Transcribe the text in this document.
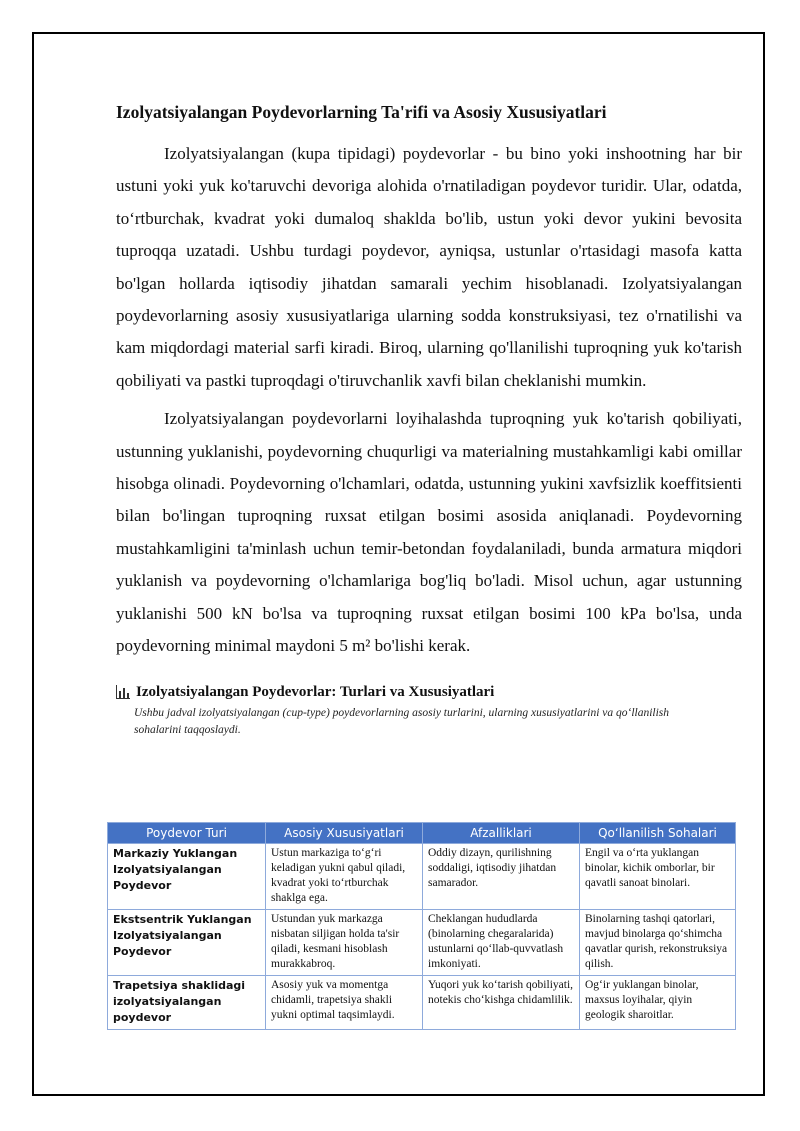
Izolyatsiyalangan Poydevorlarning Ta'rifi va Asosiy Xususiyatlari

Izolyatsiyalangan (kupa tipidagi) poydevorlar - bu bino yoki inshootning har bir ustuni yoki yuk ko'taruvchi devoriga alohida o'rnatiladigan poydevor turidir. Ular, odatda, to‘rtburchak, kvadrat yoki dumaloq shaklda bo'lib, ustun yoki devor yukini bevosita tuproqqa uzatadi. Ushbu turdagi poydevor, ayniqsa, ustunlar o'rtasidagi masofa katta bo'lgan hollarda iqtisodiy jihatdan samarali yechim hisoblanadi. Izolyatsiyalangan poydevorlarning asosiy xususiyatlariga ularning sodda konstruksiyasi, tez o'rnatilishi va kam miqdordagi material sarfi kiradi. Biroq, ularning qo'llanilishi tuproqning yuk ko'tarish qobiliyati va pastki tuproqdagi o'tiruvchanlik xavfi bilan cheklanishi mumkin.

Izolyatsiyalangan poydevorlarni loyihalashda tuproqning yuk ko'tarish qobiliyati, ustunning yuklanishi, poydevorning chuqurligi va materialning mustahkamligi kabi omillar hisobga olinadi. Poydevorning o'lchamlari, odatda, ustunning yukini xavfsizlik koeffitsienti bilan bo'lingan tuproqning ruxsat etilgan bosimi asosida aniqlanadi. Poydevorning mustahkamligini ta'minlash uchun temir-betondan foydalaniladi, bunda armatura miqdori yuklanish va poydevorning o'lchamlariga bog'liq bo'ladi. Misol uchun, agar ustunning yuklanishi 500 kN bo'lsa va tuproqning ruxsat etilgan bosimi 100 kPa bo'lsa, unda poydevorning minimal maydoni 5 m² bo'lishi kerak.

Izolyatsiyalangan Poydevorlar: Turlari va Xususiyatlari
Ushbu jadval izolyatsiyalangan (cup-type) poydevorlarning asosiy turlarini, ularning xususiyatlarini va qo‘llanilish sohalarini taqqoslaydi.
Poydevor Turi	Asosiy Xususiyatlari	Afzalliklari	Qo‘llanilish Sohalari
Markaziy Yuklangan Izolyatsiyalangan Poydevor	Ustun markaziga to‘g‘ri keladigan yukni qabul qiladi, kvadrat yoki to‘rtburchak shaklga ega.	Oddiy dizayn, qurilishning soddaligi, iqtisodiy jihatdan samarador.	Engil va o‘rta yuklangan binolar, kichik omborlar, bir qavatli sanoat binolari.
Ekstsentrik Yuklangan Izolyatsiyalangan Poydevor	Ustundan yuk markazga nisbatan siljigan holda ta'sir qiladi, kesmani hisoblash murakkabroq.	Cheklangan hududlarda (binolarning chegaralarida) ustunlarni qo‘llab-quvvatlash imkoniyati.	Binolarning tashqi qatorlari, mavjud binolarga qo‘shimcha qavatlar qurish, rekonstruksiya qilish.
Trapetsiya shaklidagi izolyatsiyalangan poydevor	Asosiy yuk va momentga chidamli, trapetsiya shakli yukni optimal taqsimlaydi.	Yuqori yuk ko‘tarish qobiliyati, notekis cho‘kishga chidamlilik.	Og‘ir yuklangan binolar, maxsus loyihalar, qiyin geologik sharoitlar.
